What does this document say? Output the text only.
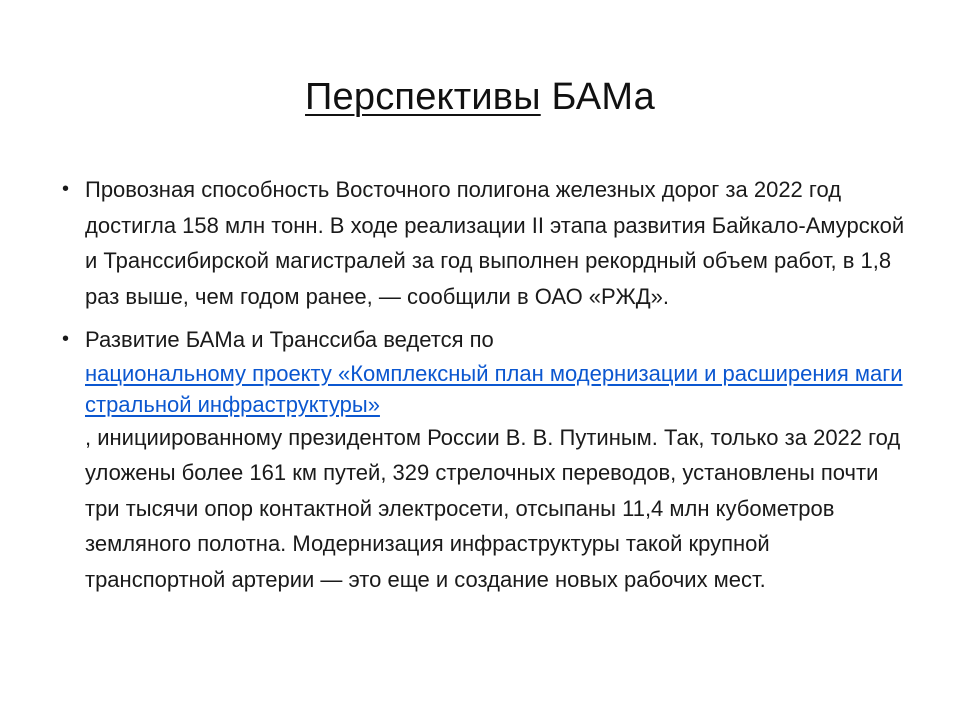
Перспективы БАМа
• Провозная способность Восточного полигона железных дорог за 2022 год достигла 158 млн тонн. В ходе реализации II этапа развития Байкало-Амурской и Транссибирской магистралей за год выполнен рекордный объем работ, в 1,8 раз выше, чем годом ранее, — сообщили в ОАО «РЖД».
• Развитие БАМа и Транссиба ведется по
национальному проекту «Комплексный план модернизации и расширения магистральной инфраструктуры»
, инициированному президентом России В. В. Путиным. Так, только за 2022 год уложены более 161 км путей, 329 стрелочных переводов, установлены почти три тысячи опор контактной электросети, отсыпаны 11,4 млн кубометров земляного полотна. Модернизация инфраструктуры такой крупной транспортной артерии — это еще и создание новых рабочих мест.
